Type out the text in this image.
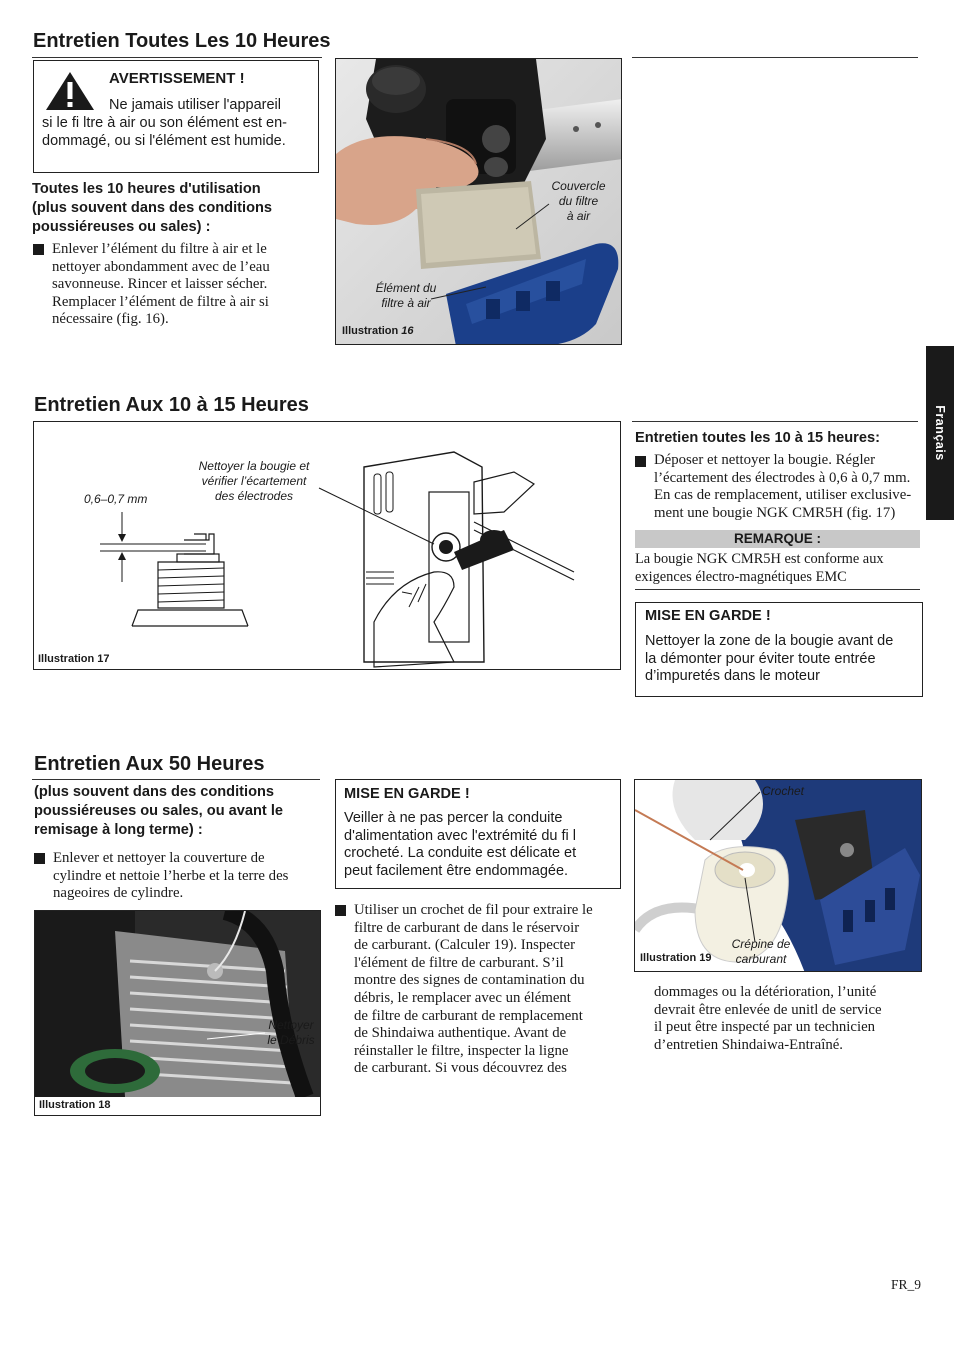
Entretien Toutes Les 10 Heures
AVERTISSEMENT !
Ne jamais utiliser l'appareil
si le fi ltre à air ou son élément est en-
dommagé, ou si l'élément est humide.
Toutes les 10 heures d'utilisation
(plus souvent dans des conditions
poussiéreuses ou sales) :
Enlever l’élément du filtre à air et le
nettoyer abondamment avec de l’eau
savonneuse. Rincer et laisser sécher.
Remplacer l’élément de filtre à air si
nécessaire (fig. 16).
Couvercle
du filtre
à air
Élément du
filtre à air
Illustration 16
Entretien Aux 10 à 15 Heures
0,6–0,7 mm
Nettoyer la bougie et
vérifier l’écartement
des électrodes
Illustration 17
Entretien toutes les 10 à 15 heures:
Déposer et nettoyer la bougie. Régler
l’écartement des électrodes à 0,6 à 0,7 mm.
En cas de remplacement, utiliser exclusive-
ment une bougie NGK CMR5H (fig. 17)
REMARQUE :
La bougie NGK CMR5H est conforme aux
exigences électro-magnétiques EMC
MISE EN GARDE !
Nettoyer la zone de la bougie avant de
la démonter pour éviter toute entrée
d’impuretés dans le moteur
Français
Entretien Aux 50 Heures
(plus souvent dans des conditions
poussiéreuses ou sales, ou avant le
remisage à long terme) :
Enlever et nettoyer la couverture de
cylindre et nettoie l’herbe et la terre des
nageoires de cylindre.
Nettoyer
le Débris
Illustration 18
MISE EN GARDE !
Veiller à ne pas percer la conduite
d'alimentation avec l'extrémité du fi l
crocheté. La conduite est délicate et
peut facilement être endommagée.
Utiliser un crochet de fil pour extraire le
filtre de carburant de dans le réservoir
de carburant. (Calculer 19). Inspecter
l'élément de filtre de carburant. S’il
montre des signes de contamination du
débris, le remplacer avec un élément
de filtre de carburant de remplacement
de Shindaiwa authentique. Avant de
réinstaller le filtre, inspecter la ligne
de carburant. Si vous découvrez des
Crochet
Crépine de
carburant
Illustration 19
dommages ou la détérioration, l’unité
devrait être enlevée de unitl de service
il peut être inspecté par un technicien
d’entretien Shindaiwa-Entraîné.
FR_9
